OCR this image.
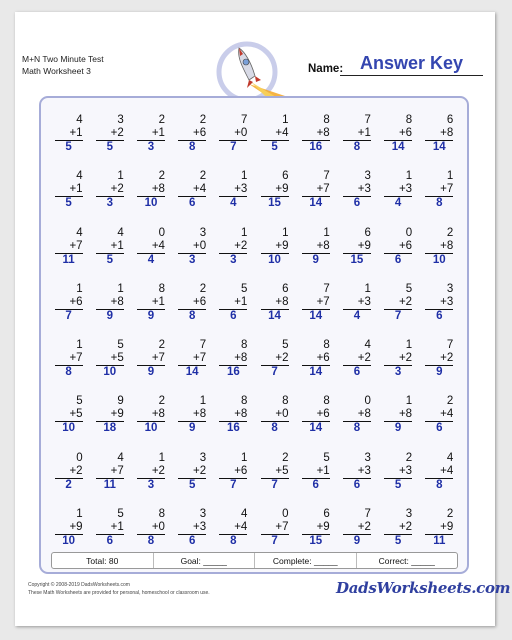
M+N Two Minute Test
Math Worksheet 3	Name: Answer Key
4
+1
5
3
+2
5
2
+1
3
2
+6
8
7
+0
7
1
+4
5
8
+8
16
7
+1
8
8
+6
14
6
+8
14
4
+1
5
1
+2
3
2
+8
10
2
+4
6
1
+3
4
6
+9
15
7
+7
14
3
+3
6
1
+3
4
1
+7
8
4
+7
11
4
+1
5
0
+4
4
3
+0
3
1
+2
3
1
+9
10
1
+8
9
6
+9
15
0
+6
6
2
+8
10
1
+6
7
1
+8
9
8
+1
9
2
+6
8
5
+1
6
6
+8
14
7
+7
14
1
+3
4
5
+2
7
3
+3
6
1
+7
8
5
+5
10
2
+7
9
7
+7
14
8
+8
16
5
+2
7
8
+6
14
4
+2
6
1
+2
3
7
+2
9
5
+5
10
9
+9
18
2
+8
10
1
+8
9
8
+8
16
8
+0
8
8
+6
14
0
+8
8
1
+8
9
2
+4
6
0
+2
2
4
+7
11
1
+2
3
3
+2
5
1
+6
7
2
+5
7
5
+1
6
3
+3
6
2
+3
5
4
+4
8
1
+9
10
5
+1
6
8
+0
8
3
+3
6
4
+4
8
0
+7
7
6
+9
15
7
+2
9
3
+2
5
2
+9
11
Total: 80	Goal: _____	Complete: _____	Correct: _____
Copyright © 2008-2019 DadsWorksheets.com
These Math Worksheets are provided for personal, homeschool or classroom use.	DadsWorksheets.com
